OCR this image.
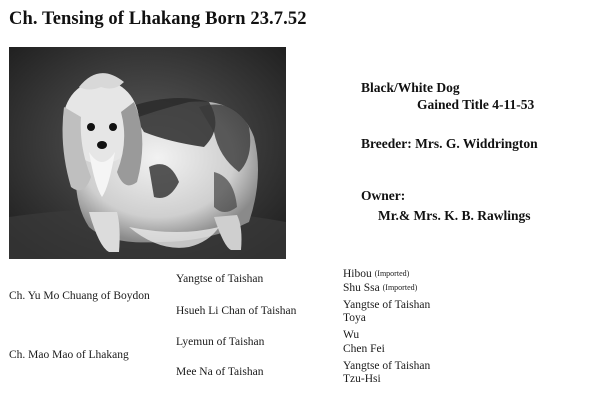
Ch. Tensing of Lhakang Born 23.7.52
Black/White Dog
Gained Title 4-11-53
Breeder: Mrs. G. Widdrington
Owner:
Mr.& Mrs. K. B. Rawlings
Ch. Yu Mo Chuang of Boydon
Ch. Mao Mao of Lhakang
Yangtse of Taishan
Hsueh Li Chan of Taishan
Lyemun of Taishan
Mee Na of Taishan
Hibou (Imported)
Shu Ssa (Imported)
Yangtse of Taishan
Toya
Wu
Chen Fei
Yangtse of Taishan
Tzu-Hsi
